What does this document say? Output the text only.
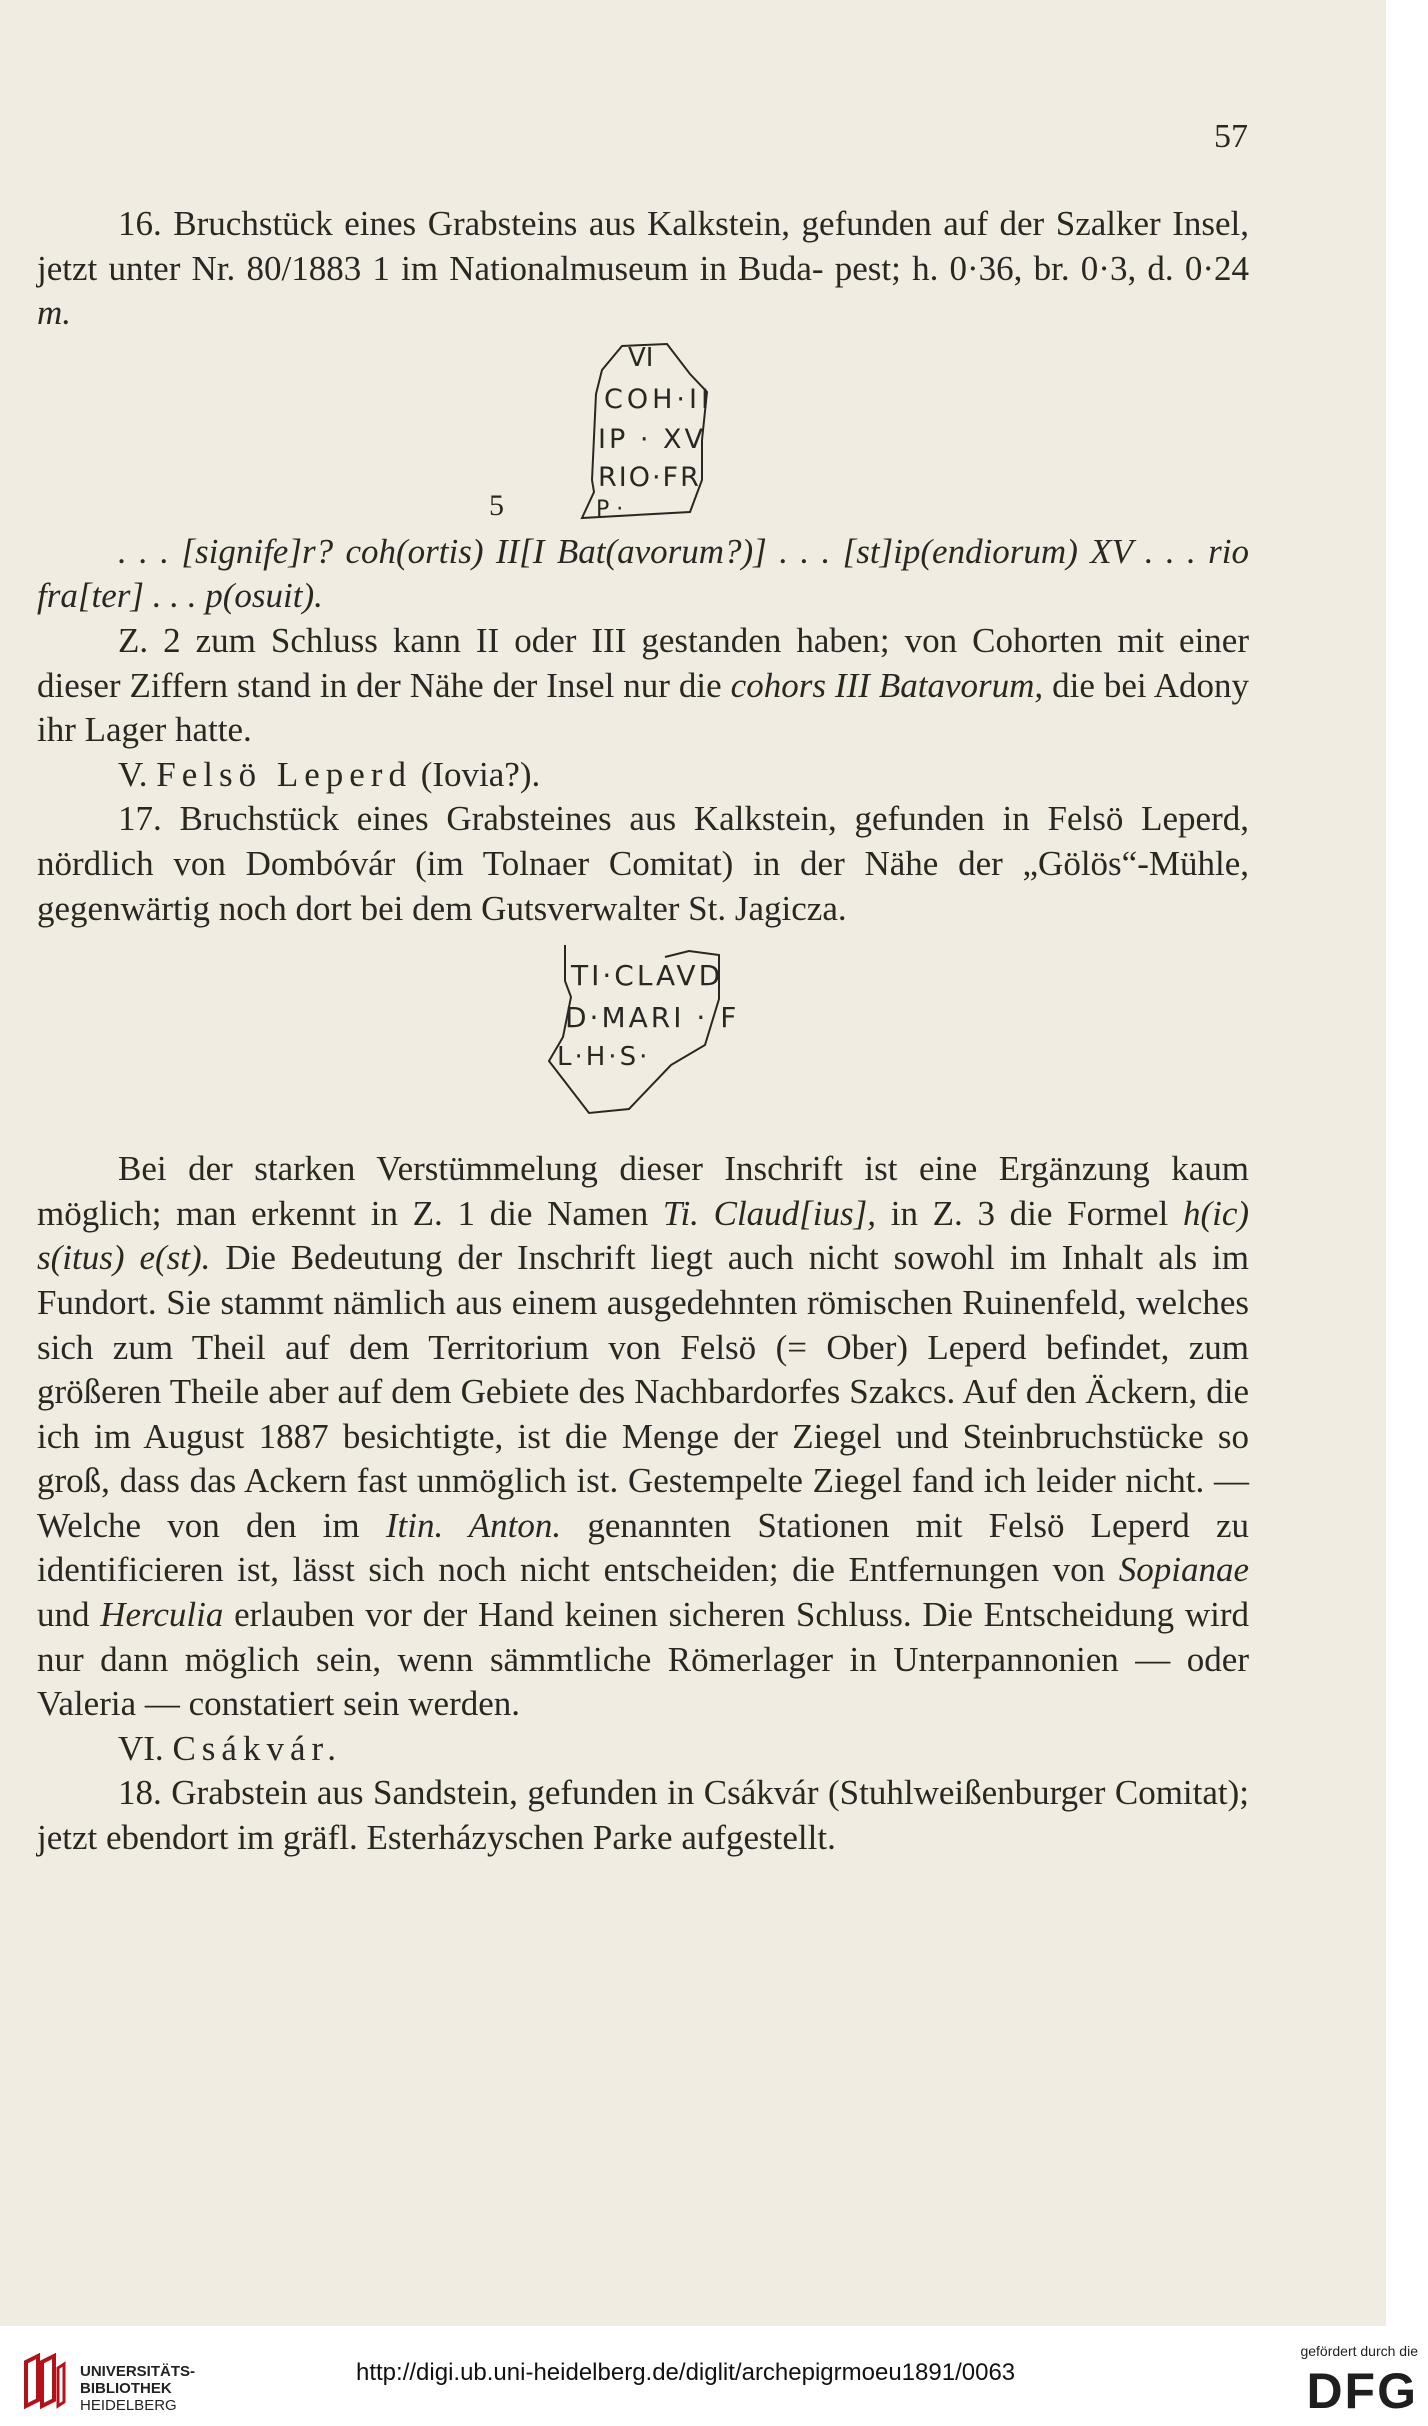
57

16. Bruchstück eines Grabsteins aus Kalkstein, gefunden auf der Szalker Insel, jetzt unter Nr. 80/1883 1 im Nationalmuseum in Buda- pest; h. 0·36, br. 0·3, d. 0·24 m.

5
VI
COH·II
IP · XV
RIO·FR
P ·

. . . [signife]r? coh(ortis) II[I Bat(avorum?)] . . . [st]ip(endiorum) XV . . . rio fra[ter] . . . p(osuit).

Z. 2 zum Schluss kann II oder III gestanden haben; von Cohorten mit einer dieser Ziffern stand in der Nähe der Insel nur die cohors III Batavorum, die bei Adony ihr Lager hatte.

V. Felsö Leperd (Iovia?).

17. Bruchstück eines Grabsteines aus Kalkstein, gefunden in Felsö Leperd, nördlich von Dombóvár (im Tolnaer Comitat) in der Nähe der „Gölös“-Mühle, gegenwärtig noch dort bei dem Gutsverwalter St. Jagicza.

TI·CLAVD
D·MARI · F
L·H·S·

Bei der starken Verstümmelung dieser Inschrift ist eine Ergänzung kaum möglich; man erkennt in Z. 1 die Namen Ti. Claud[ius], in Z. 3 die Formel h(ic) s(itus) e(st). Die Bedeutung der Inschrift liegt auch nicht sowohl im Inhalt als im Fundort. Sie stammt nämlich aus einem ausgedehnten römischen Ruinenfeld, welches sich zum Theil auf dem Territorium von Felsö (= Ober) Leperd befindet, zum größeren Theile aber auf dem Gebiete des Nachbardorfes Szakcs. Auf den Äckern, die ich im August 1887 besichtigte, ist die Menge der Ziegel und Steinbruchstücke so groß, dass das Ackern fast unmöglich ist. Gestempelte Ziegel fand ich leider nicht. — Welche von den im Itin. Anton. genannten Stationen mit Felsö Leperd zu identificieren ist, lässt sich noch nicht entscheiden; die Entfernungen von Sopianae und Herculia erlauben vor der Hand keinen sicheren Schluss. Die Entscheidung wird nur dann möglich sein, wenn sämmtliche Römerlager in Unterpannonien — oder Valeria — constatiert sein werden.

VI. Csákvár.

18. Grabstein aus Sandstein, gefunden in Csákvár (Stuhlweißenburger Comitat); jetzt ebendort im gräfl. Esterházyschen Parke aufgestellt.

UNIVERSITÄTS-
BIBLIOTHEK
HEIDELBERG
http://digi.ub.uni-heidelberg.de/diglit/archepigrmoeu1891/0063
gefördert durch die
DFG
